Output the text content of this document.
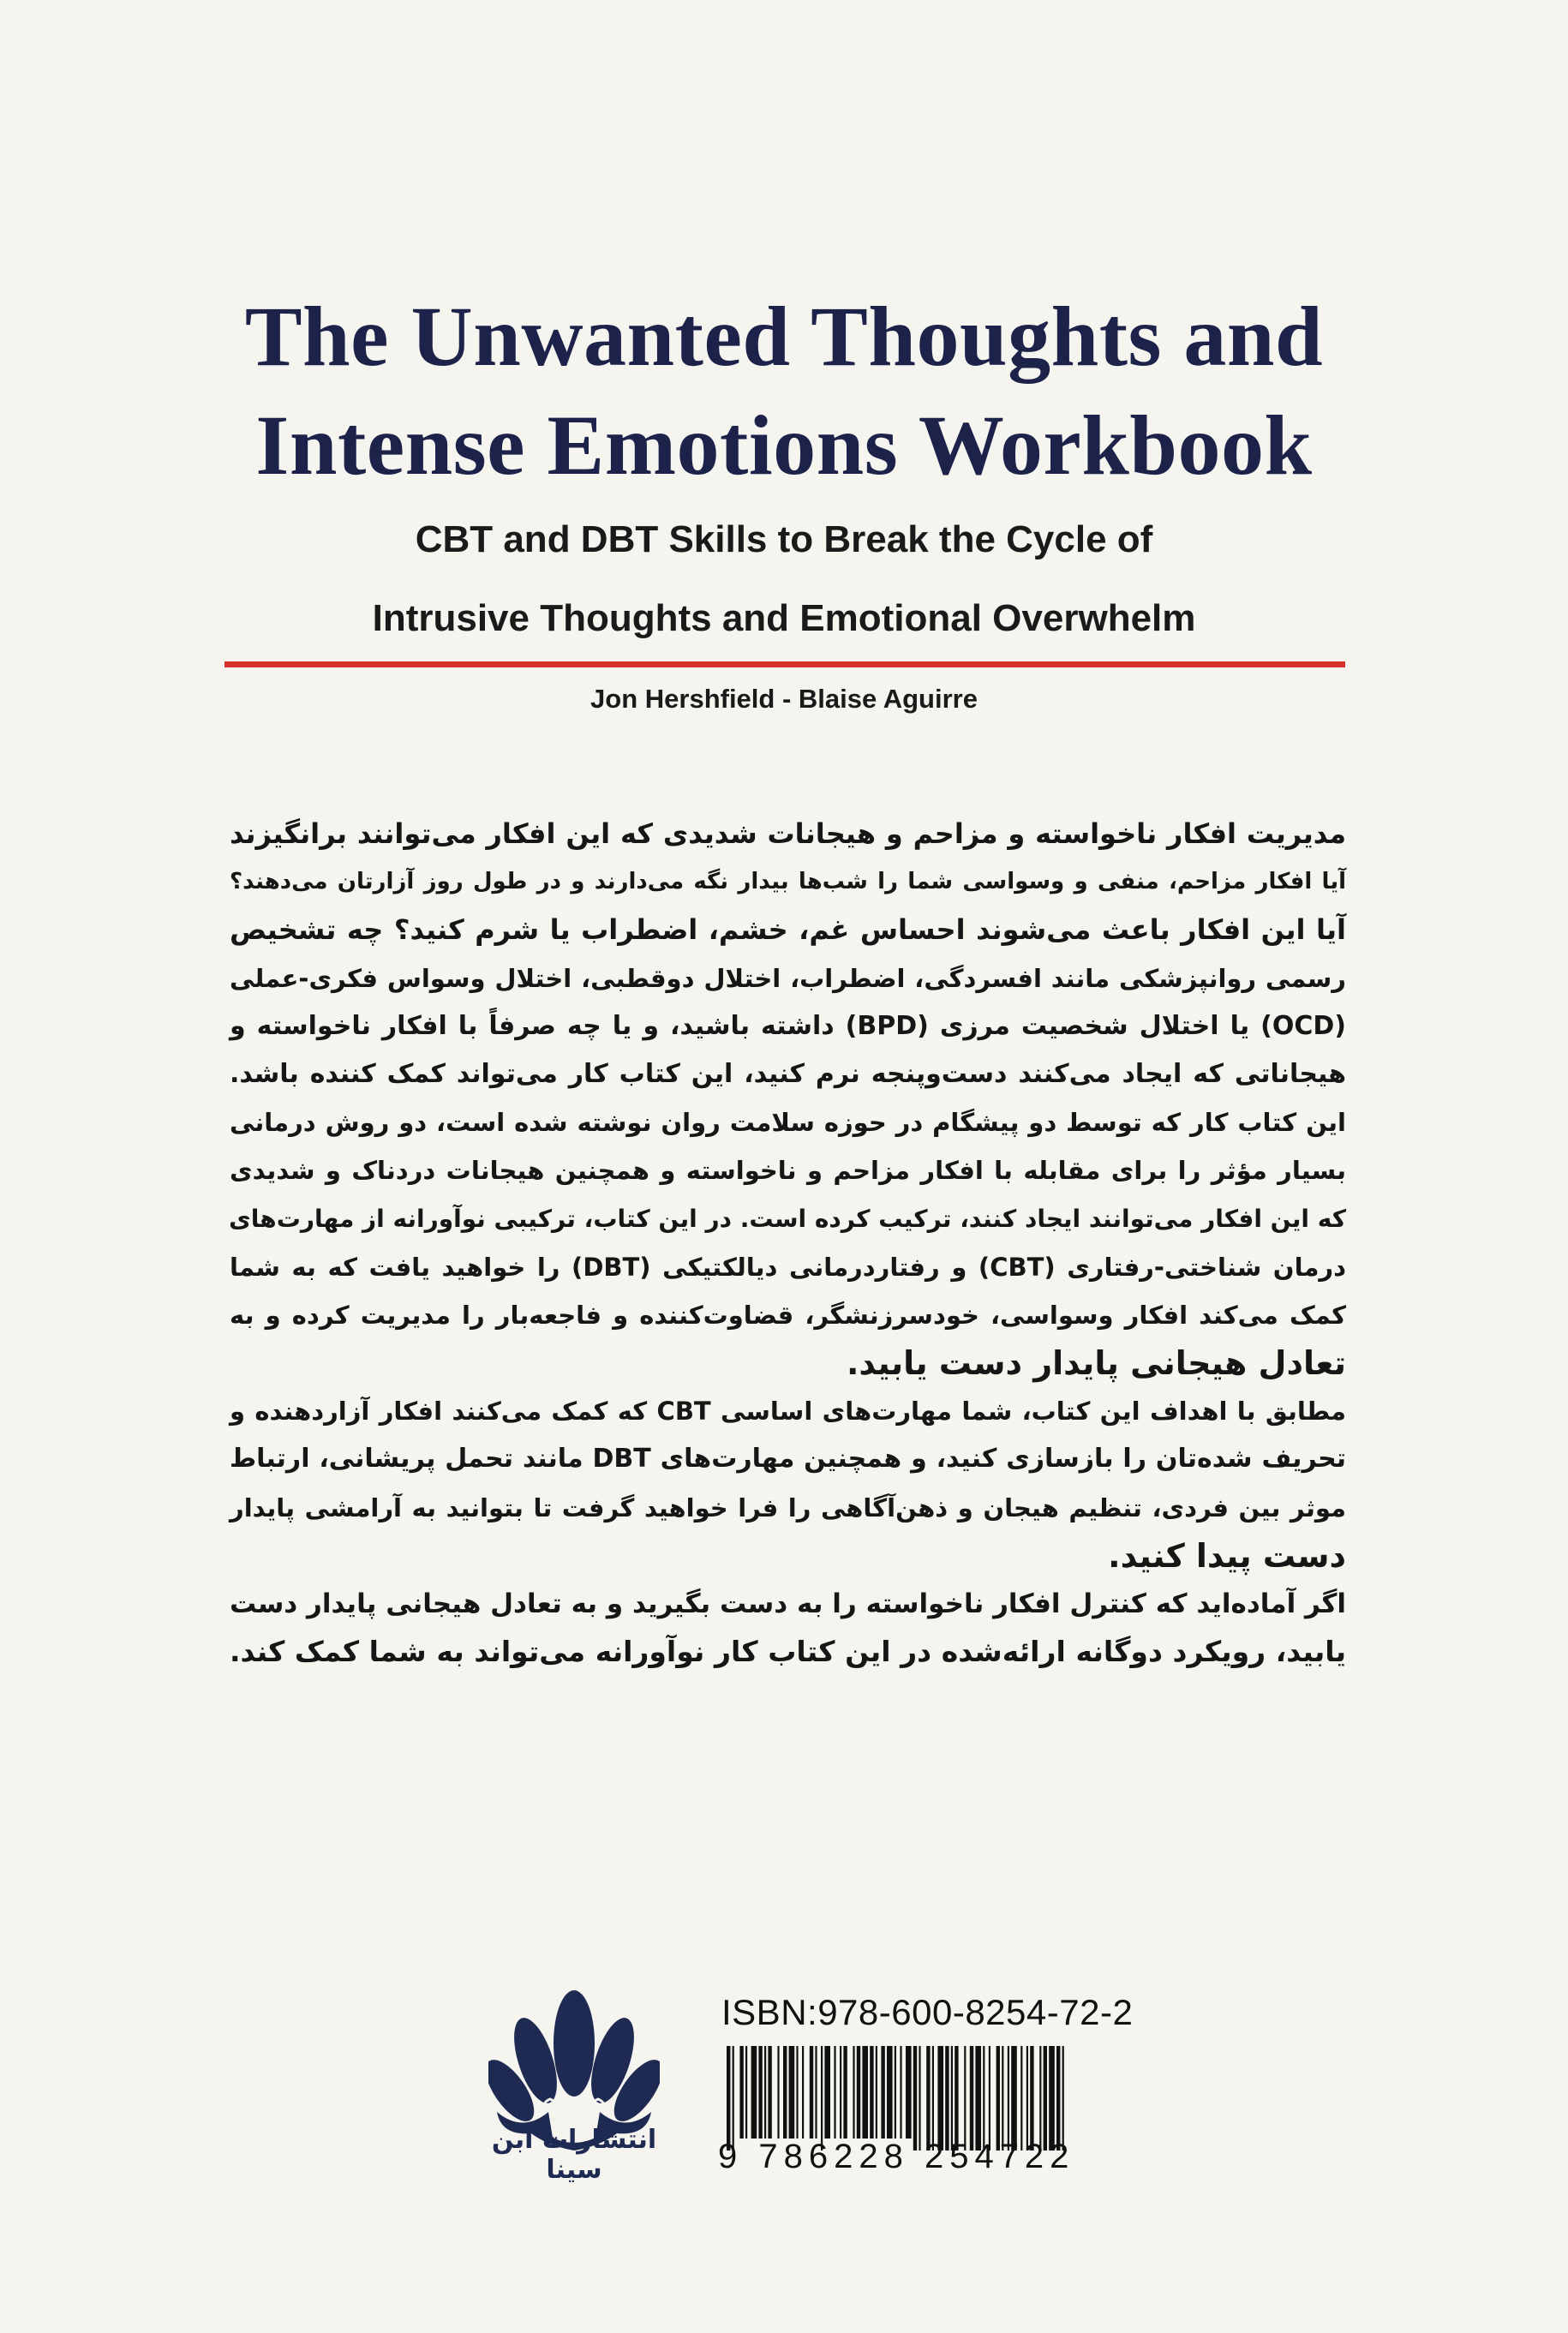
The Unwanted Thoughts and
Intense Emotions Workbook
CBT and DBT Skills to Break the Cycle of
Intrusive Thoughts and Emotional Overwhelm
Jon Hershfield - Blaise Aguirre
مدیریت افکار ناخواسته و مزاحم و هیجانات شدیدی که این افکار می‌توانند برانگیزند
آیا افکار مزاحم، منفی و وسواسی شما را شب‌ها بیدار نگه می‌دارند و در طول روز آزارتان می‌دهند؟
آیا این افکار باعث می‌شوند احساس غم، خشم، اضطراب یا شرم کنید؟ چه تشخیص
رسمی روانپزشکی مانند افسردگی، اضطراب، اختلال دوقطبی، اختلال وسواس فکری-عملی
(OCD) یا اختلال شخصیت مرزی (BPD) داشته باشید، و یا چه صرفاً با افکار ناخواسته و
هیجاناتی که ایجاد می‌کنند دست‌وپنجه نرم کنید، این کتاب کار می‌تواند کمک کننده باشد.
این کتاب کار که توسط دو پیشگام در حوزه سلامت روان نوشته شده است، دو روش درمانی
بسیار مؤثر را برای مقابله با افکار مزاحم و ناخواسته و همچنین هیجانات دردناک و شدیدی
که این افکار می‌توانند ایجاد کنند، ترکیب کرده است. در این کتاب، ترکیبی نوآورانه از مهارت‌های
درمان شناختی-رفتاری (CBT) و رفتاردرمانی دیالکتیکی (DBT) را خواهید یافت که به شما
کمک می‌کند افکار وسواسی، خودسرزنشگر، قضاوت‌کننده و فاجعه‌بار را مدیریت کرده و به
تعادل هیجانی پایدار دست یابید.
مطابق با اهداف این کتاب، شما مهارت‌های اساسی CBT که کمک می‌کنند افکار آزاردهنده و
تحریف شده‌تان را بازسازی کنید، و همچنین مهارت‌های DBT مانند تحمل پریشانی، ارتباط
موثر بین فردی، تنظیم هیجان و ذهن‌آگاهی را فرا خواهید گرفت تا بتوانید به آرامشی پایدار
دست پیدا کنید.
اگر آماده‌اید که کنترل افکار ناخواسته را به دست بگیرید و به تعادل هیجانی پایدار دست
یابید، رویکرد دوگانه ارائه‌شده در این کتاب کار نوآورانه می‌تواند به شما کمک کند.
انتشارات ابن سینا
ISBN:978-600-8254-72-2
9 786228 254722
